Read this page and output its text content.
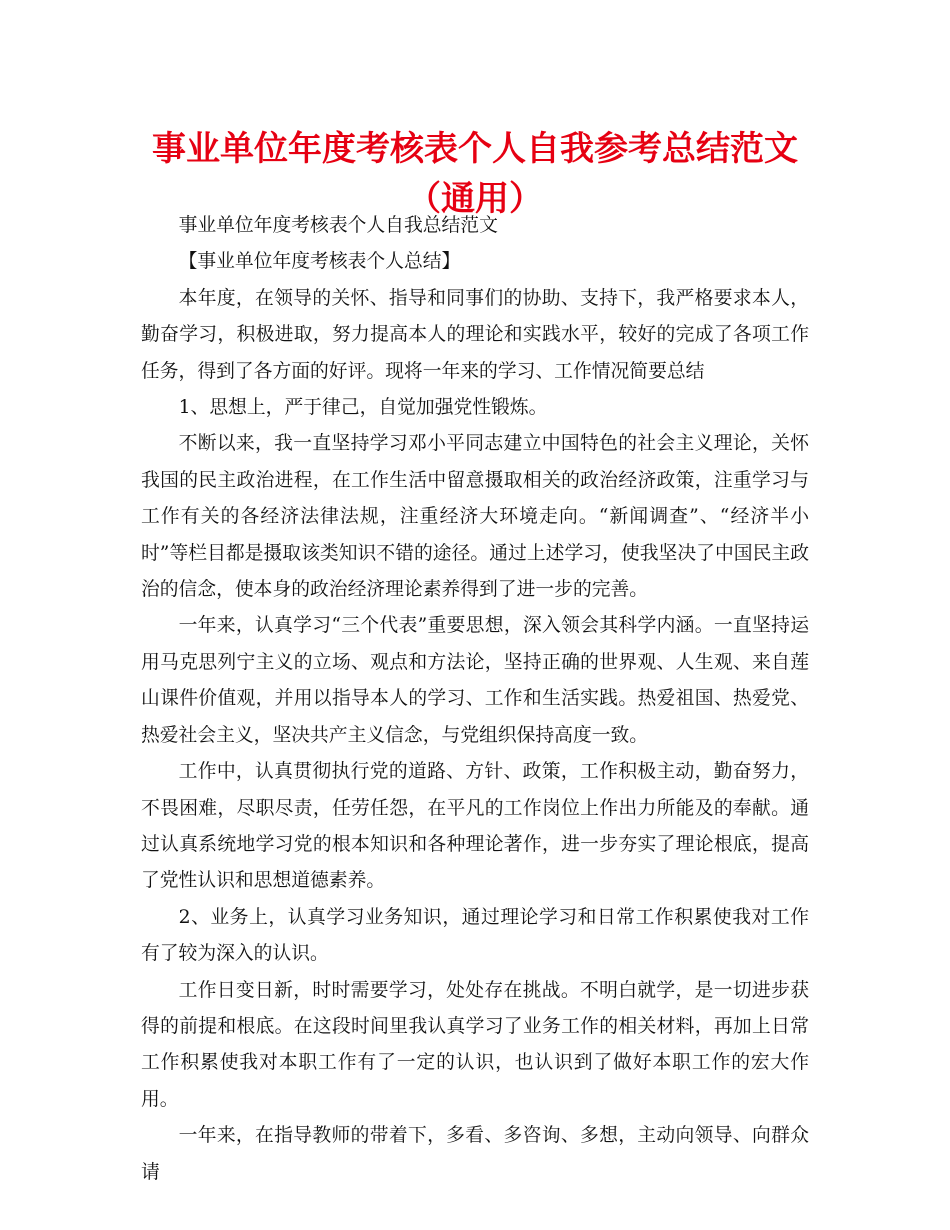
事业单位年度考核表个人自我参考总结范文（通用）

事业单位年度考核表个人自我总结范文

【事业单位年度考核表个人总结】

本年度，在领导的关怀、指导和同事们的协助、支持下，我严格要求本人，勤奋学习，积极进取，努力提高本人的理论和实践水平，较好的完成了各项工作任务，得到了各方面的好评。现将一年来的学习、工作情况简要总结

1、思想上，严于律己，自觉加强党性锻炼。

不断以来，我一直坚持学习邓小平同志建立中国特色的社会主义理论，关怀我国的民主政治进程，在工作生活中留意摄取相关的政治经济政策，注重学习与工作有关的各经济法律法规，注重经济大环境走向。“新闻调查”、“经济半小时”等栏目都是摄取该类知识不错的途径。通过上述学习，使我坚决了中国民主政治的信念，使本身的政治经济理论素养得到了进一步的完善。

一年来，认真学习“三个代表”重要思想，深入领会其科学内涵。一直坚持运用马克思列宁主义的立场、观点和方法论，坚持正确的世界观、人生观、来自莲山课件价值观，并用以指导本人的学习、工作和生活实践。热爱祖国、热爱党、热爱社会主义，坚决共产主义信念，与党组织保持高度一致。

工作中，认真贯彻执行党的道路、方针、政策，工作积极主动，勤奋努力，不畏困难，尽职尽责，任劳任怨，在平凡的工作岗位上作出力所能及的奉献。通过认真系统地学习党的根本知识和各种理论著作，进一步夯实了理论根底，提高了党性认识和思想道德素养。

2、业务上，认真学习业务知识，通过理论学习和日常工作积累使我对工作有了较为深入的认识。

工作日变日新，时时需要学习，处处存在挑战。不明白就学，是一切进步获得的前提和根底。在这段时间里我认真学习了业务工作的相关材料，再加上日常工作积累使我对本职工作有了一定的认识，也认识到了做好本职工作的宏大作用。

一年来，在指导教师的带着下，多看、多咨询、多想，主动向领导、向群众请
